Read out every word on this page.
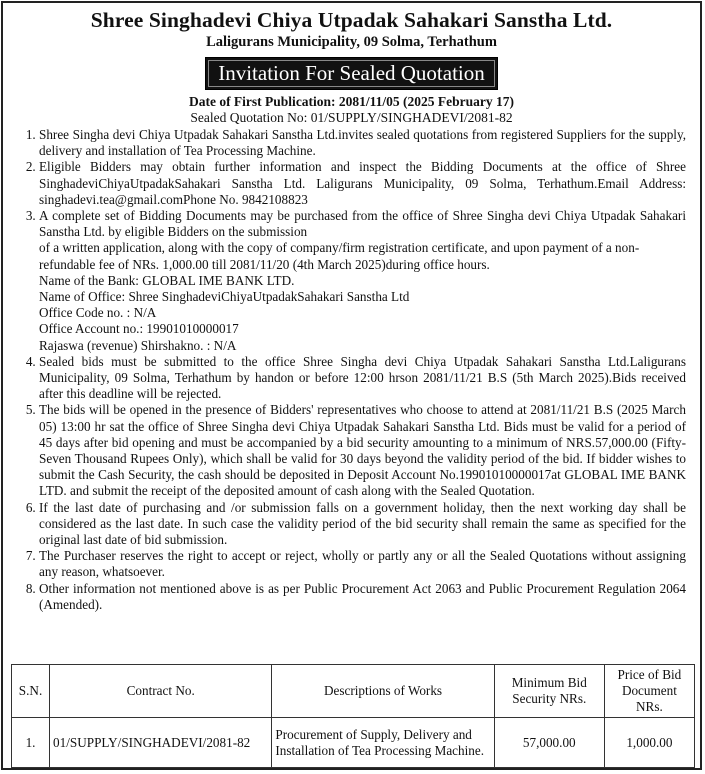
Shree Singhadevi Chiya Utpadak Sahakari Sanstha Ltd.
Laligurans Municipality, 09 Solma, Terhathum
Invitation For Sealed Quotation
Date of First Publication: 2081/11/05 (2025 February 17)
Sealed Quotation No: 01/SUPPLY/SINGHADEVI/2081-82
1. Shree Singha devi Chiya Utpadak Sahakari Sanstha Ltd.invites sealed quotations from registered Suppliers for the supply, delivery and installation of Tea Processing Machine.
2. Eligible Bidders may obtain further information and inspect the Bidding Documents at the office of Shree SinghadeviChiyaUtpadakSahakari Sanstha Ltd. Laligurans Municipality, 09 Solma, Terhathum.Email Address: singhadevi.tea@gmail.comPhone No. 9842108823
3. A complete set of Bidding Documents may be purchased from the office of Shree Singha devi Chiya Utpadak Sahakari Sanstha Ltd. by eligible Bidders on the submission
of a written application, along with the copy of company/firm registration certificate, and upon payment of a non-refundable fee of NRs. 1,000.00 till 2081/11/20 (4th March 2025)during office hours.
Name of the Bank: GLOBAL IME BANK LTD.
Name of Office: Shree SinghadeviChiyaUtpadakSahakari Sanstha Ltd
Office Code no. : N/A
Office Account no.: 19901010000017
Rajaswa (revenue) Shirshakno. : N/A
4. Sealed bids must be submitted to the office Shree Singha devi Chiya Utpadak Sahakari Sanstha Ltd.Laligurans Municipality, 09 Solma, Terhathum by handon or before 12:00 hrson 2081/11/21 B.S (5th March 2025).Bids received after this deadline will be rejected.
5. The bids will be opened in the presence of Bidders' representatives who choose to attend at 2081/11/21 B.S (2025 March 05) 13:00 hr sat the office of Shree Singha devi Chiya Utpadak Sahakari Sanstha Ltd. Bids must be valid for a period of 45 days after bid opening and must be accompanied by a bid security amounting to a minimum of NRS.57,000.00 (Fifty-Seven Thousand Rupees Only), which shall be valid for 30 days beyond the validity period of the bid. If bidder wishes to submit the Cash Security, the cash should be deposited in Deposit Account No.19901010000017at GLOBAL IME BANK LTD. and submit the receipt of the deposited amount of cash along with the Sealed Quotation.
6. If the last date of purchasing and /or submission falls on a government holiday, then the next working day shall be considered as the last date. In such case the validity period of the bid security shall remain the same as specified for the original last date of bid submission.
7. The Purchaser reserves the right to accept or reject, wholly or partly any or all the Sealed Quotations without assigning any reason, whatsoever.
8. Other information not mentioned above is as per Public Procurement Act 2063 and Public Procurement Regulation 2064 (Amended).
S.N.	Contract No.	Descriptions of Works	Minimum Bid Security NRs.	Price of Bid Document NRs.
1.	01/SUPPLY/SINGHADEVI/2081-82	Procurement of Supply, Delivery and Installation of Tea Processing Machine.	57,000.00	1,000.00
